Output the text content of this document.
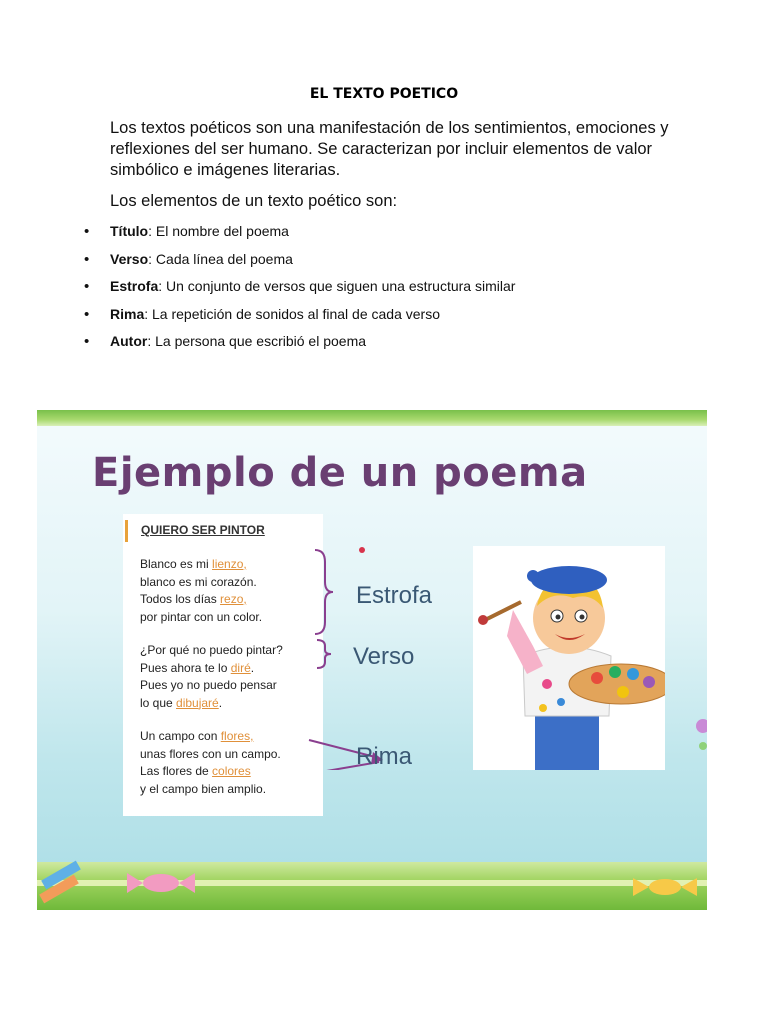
EL TEXTO POETICO
Los textos poéticos son una manifestación de los sentimientos, emociones y reflexiones del ser humano. Se caracterizan por incluir elementos de valor simbólico e imágenes literarias.
Los elementos de un texto poético son:
• Título: El nombre del poema
• Verso: Cada línea del poema
• Estrofa: Un conjunto de versos que siguen una estructura similar
• Rima: La repetición de sonidos al final de cada verso
• Autor: La persona que escribió el poema
Ejemplo de un poema
QUIERO SER PINTOR
Blanco es mi lienzo,
blanco es mi corazón.
Todos los días rezo,
por pintar con un color.
¿Por qué no puedo pintar?
Pues ahora te lo diré.
Pues yo no puedo pensar
lo que dibujaré.
Un campo con flores,
unas flores con un campo.
Las flores de colores
y el campo bien amplio.
Estrofa
Verso
Rima
